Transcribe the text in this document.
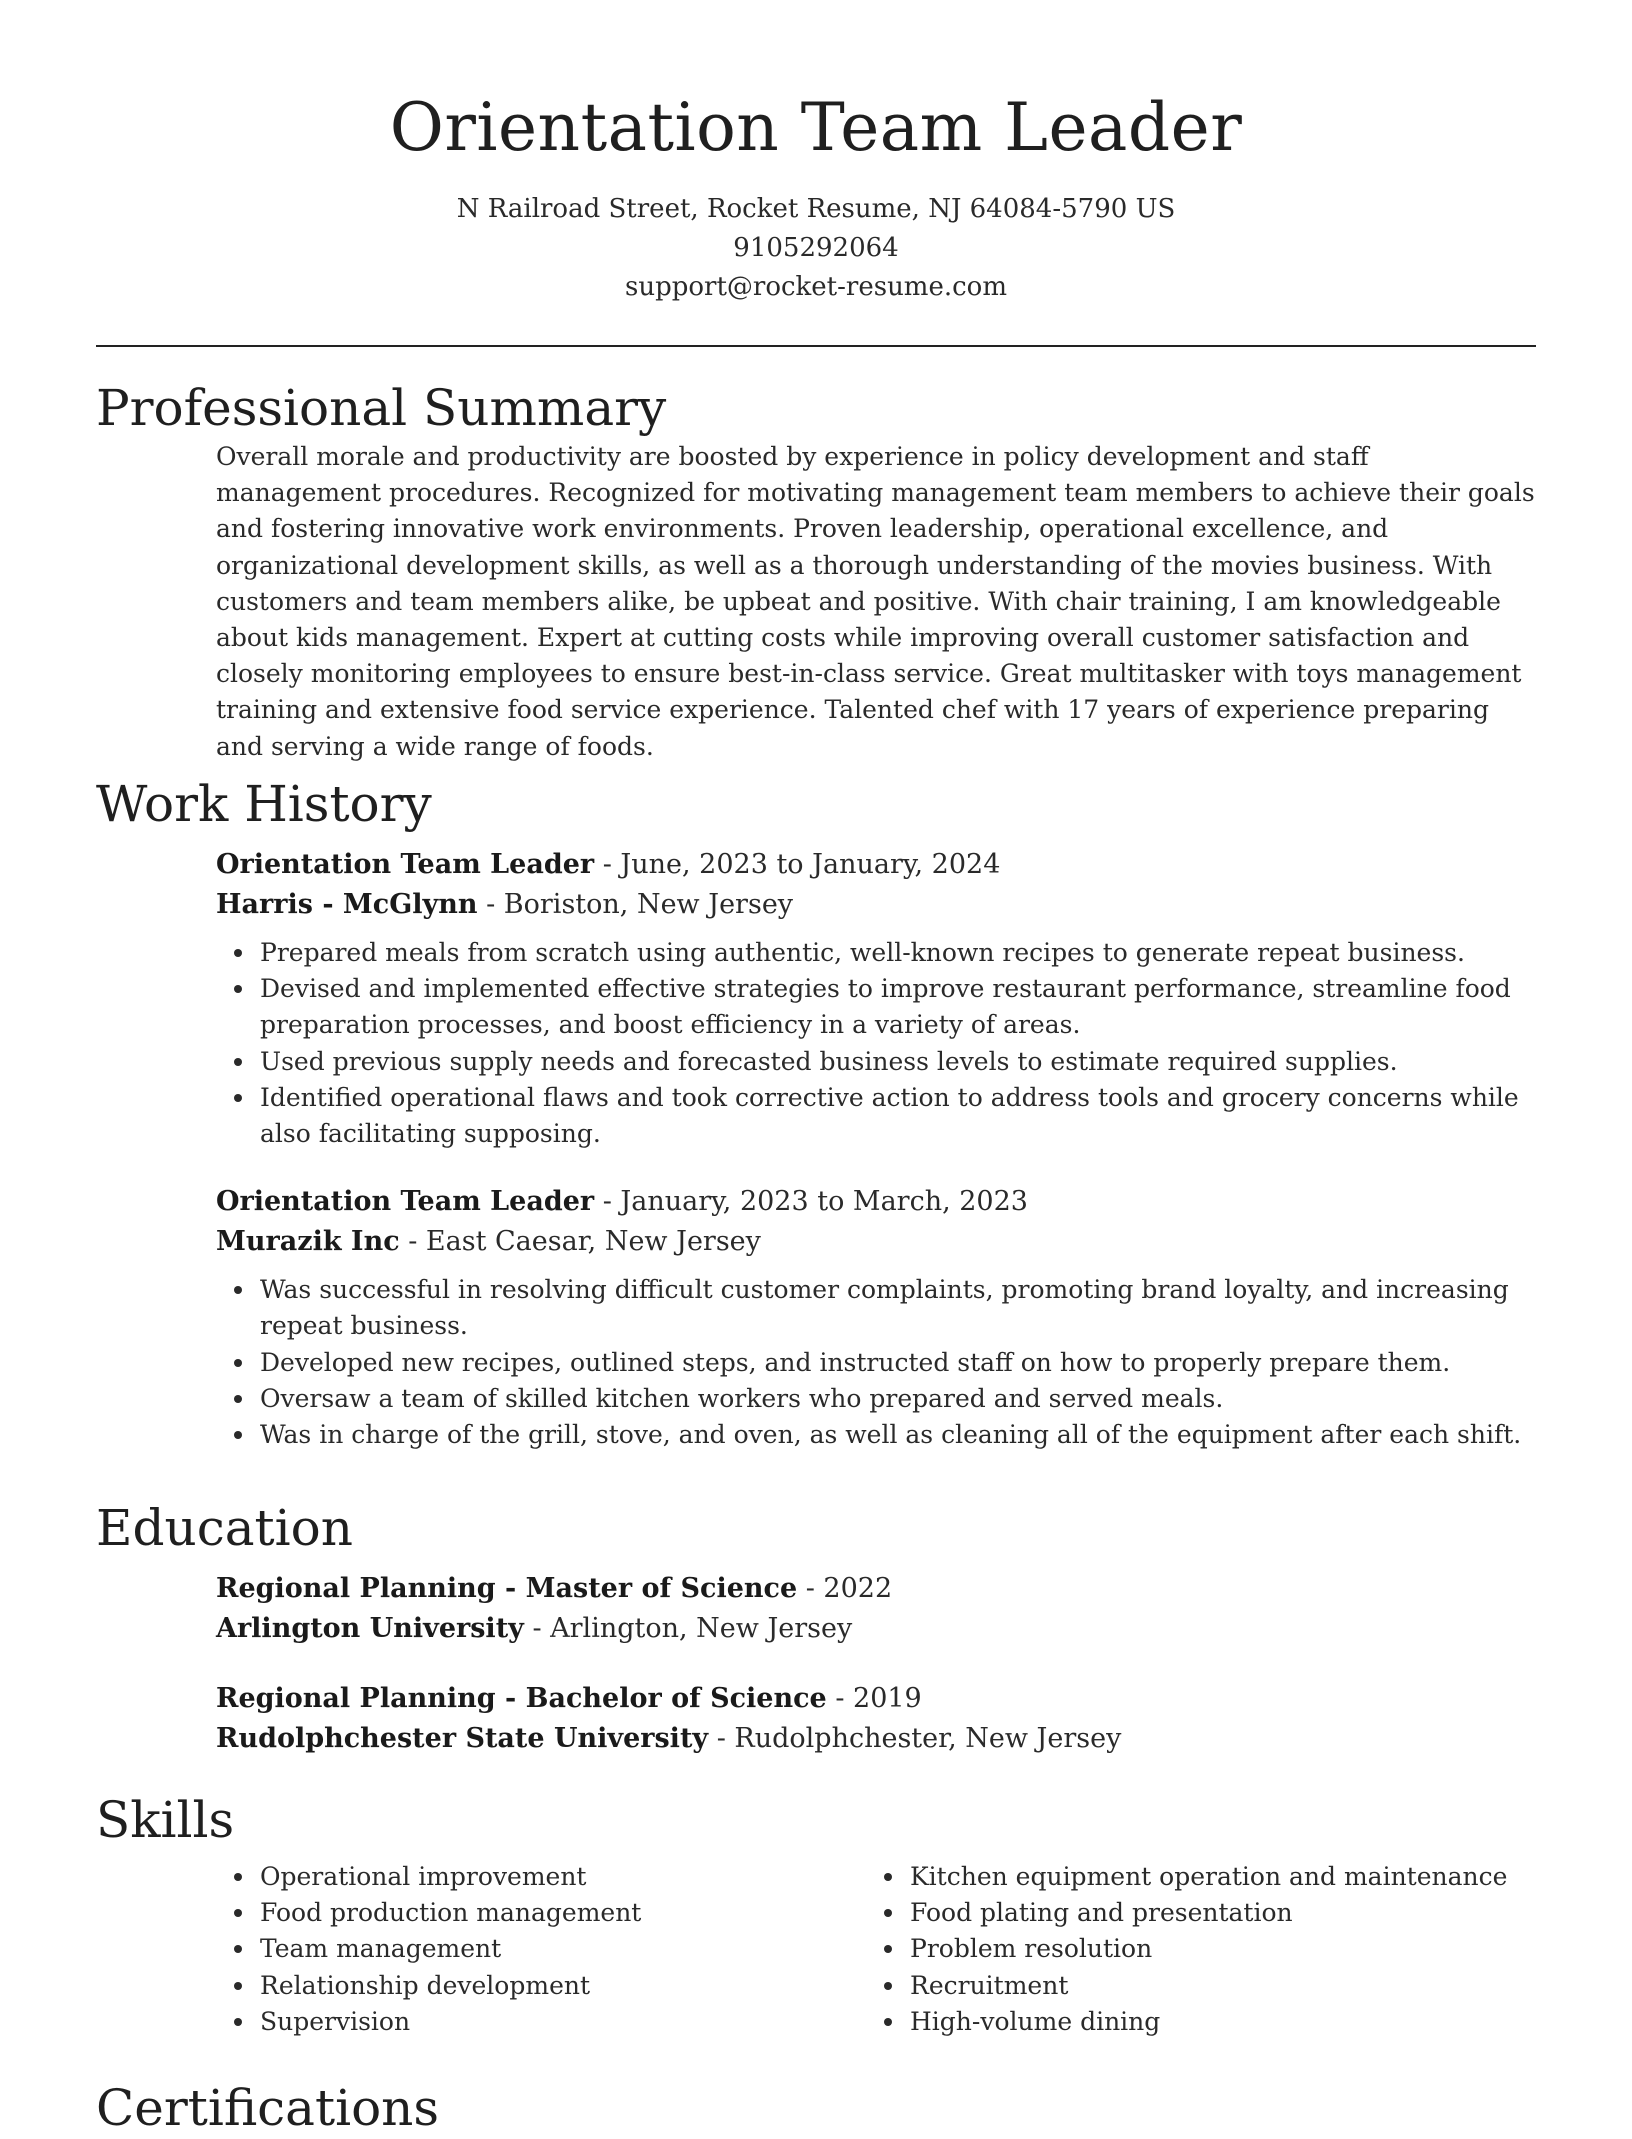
Orientation Team Leader
N Railroad Street, Rocket Resume, NJ 64084-5790 US
9105292064
support@rocket-resume.com
Professional Summary

Overall morale and productivity are boosted by experience in policy development and staff management procedures. Recognized for motivating management team members to achieve their goals and fostering innovative work environments. Proven leadership, operational excellence, and organizational development skills, as well as a thorough understanding of the movies business. With customers and team members alike, be upbeat and positive. With chair training, I am knowledgeable about kids management. Expert at cutting costs while improving overall customer satisfaction and closely monitoring employees to ensure best-in-class service. Great multitasker with toys management training and extensive food service experience. Talented chef with 17 years of experience preparing and serving a wide range of foods.

Work History
Orientation Team Leader - June, 2023 to January, 2024
Harris - McGlynn - Boriston, New Jersey
Prepared meals from scratch using authentic, well-known recipes to generate repeat business.
Devised and implemented effective strategies to improve restaurant performance, streamline food preparation processes, and boost efficiency in a variety of areas.
Used previous supply needs and forecasted business levels to estimate required supplies.
Identified operational flaws and took corrective action to address tools and grocery concerns while also facilitating supposing.
Orientation Team Leader - January, 2023 to March, 2023
Murazik Inc - East Caesar, New Jersey
Was successful in resolving difficult customer complaints, promoting brand loyalty, and increasing repeat business.
Developed new recipes, outlined steps, and instructed staff on how to properly prepare them.
Oversaw a team of skilled kitchen workers who prepared and served meals.
Was in charge of the grill, stove, and oven, as well as cleaning all of the equipment after each shift.
Education
Regional Planning - Master of Science - 2022
Arlington University - Arlington, New Jersey
Regional Planning - Bachelor of Science - 2019
Rudolphchester State University - Rudolphchester, New Jersey
Skills
Operational improvement
Food production management
Team management
Relationship development
Supervision
Kitchen equipment operation and maintenance
Food plating and presentation
Problem resolution
Recruitment
High-volume dining
Certifications
